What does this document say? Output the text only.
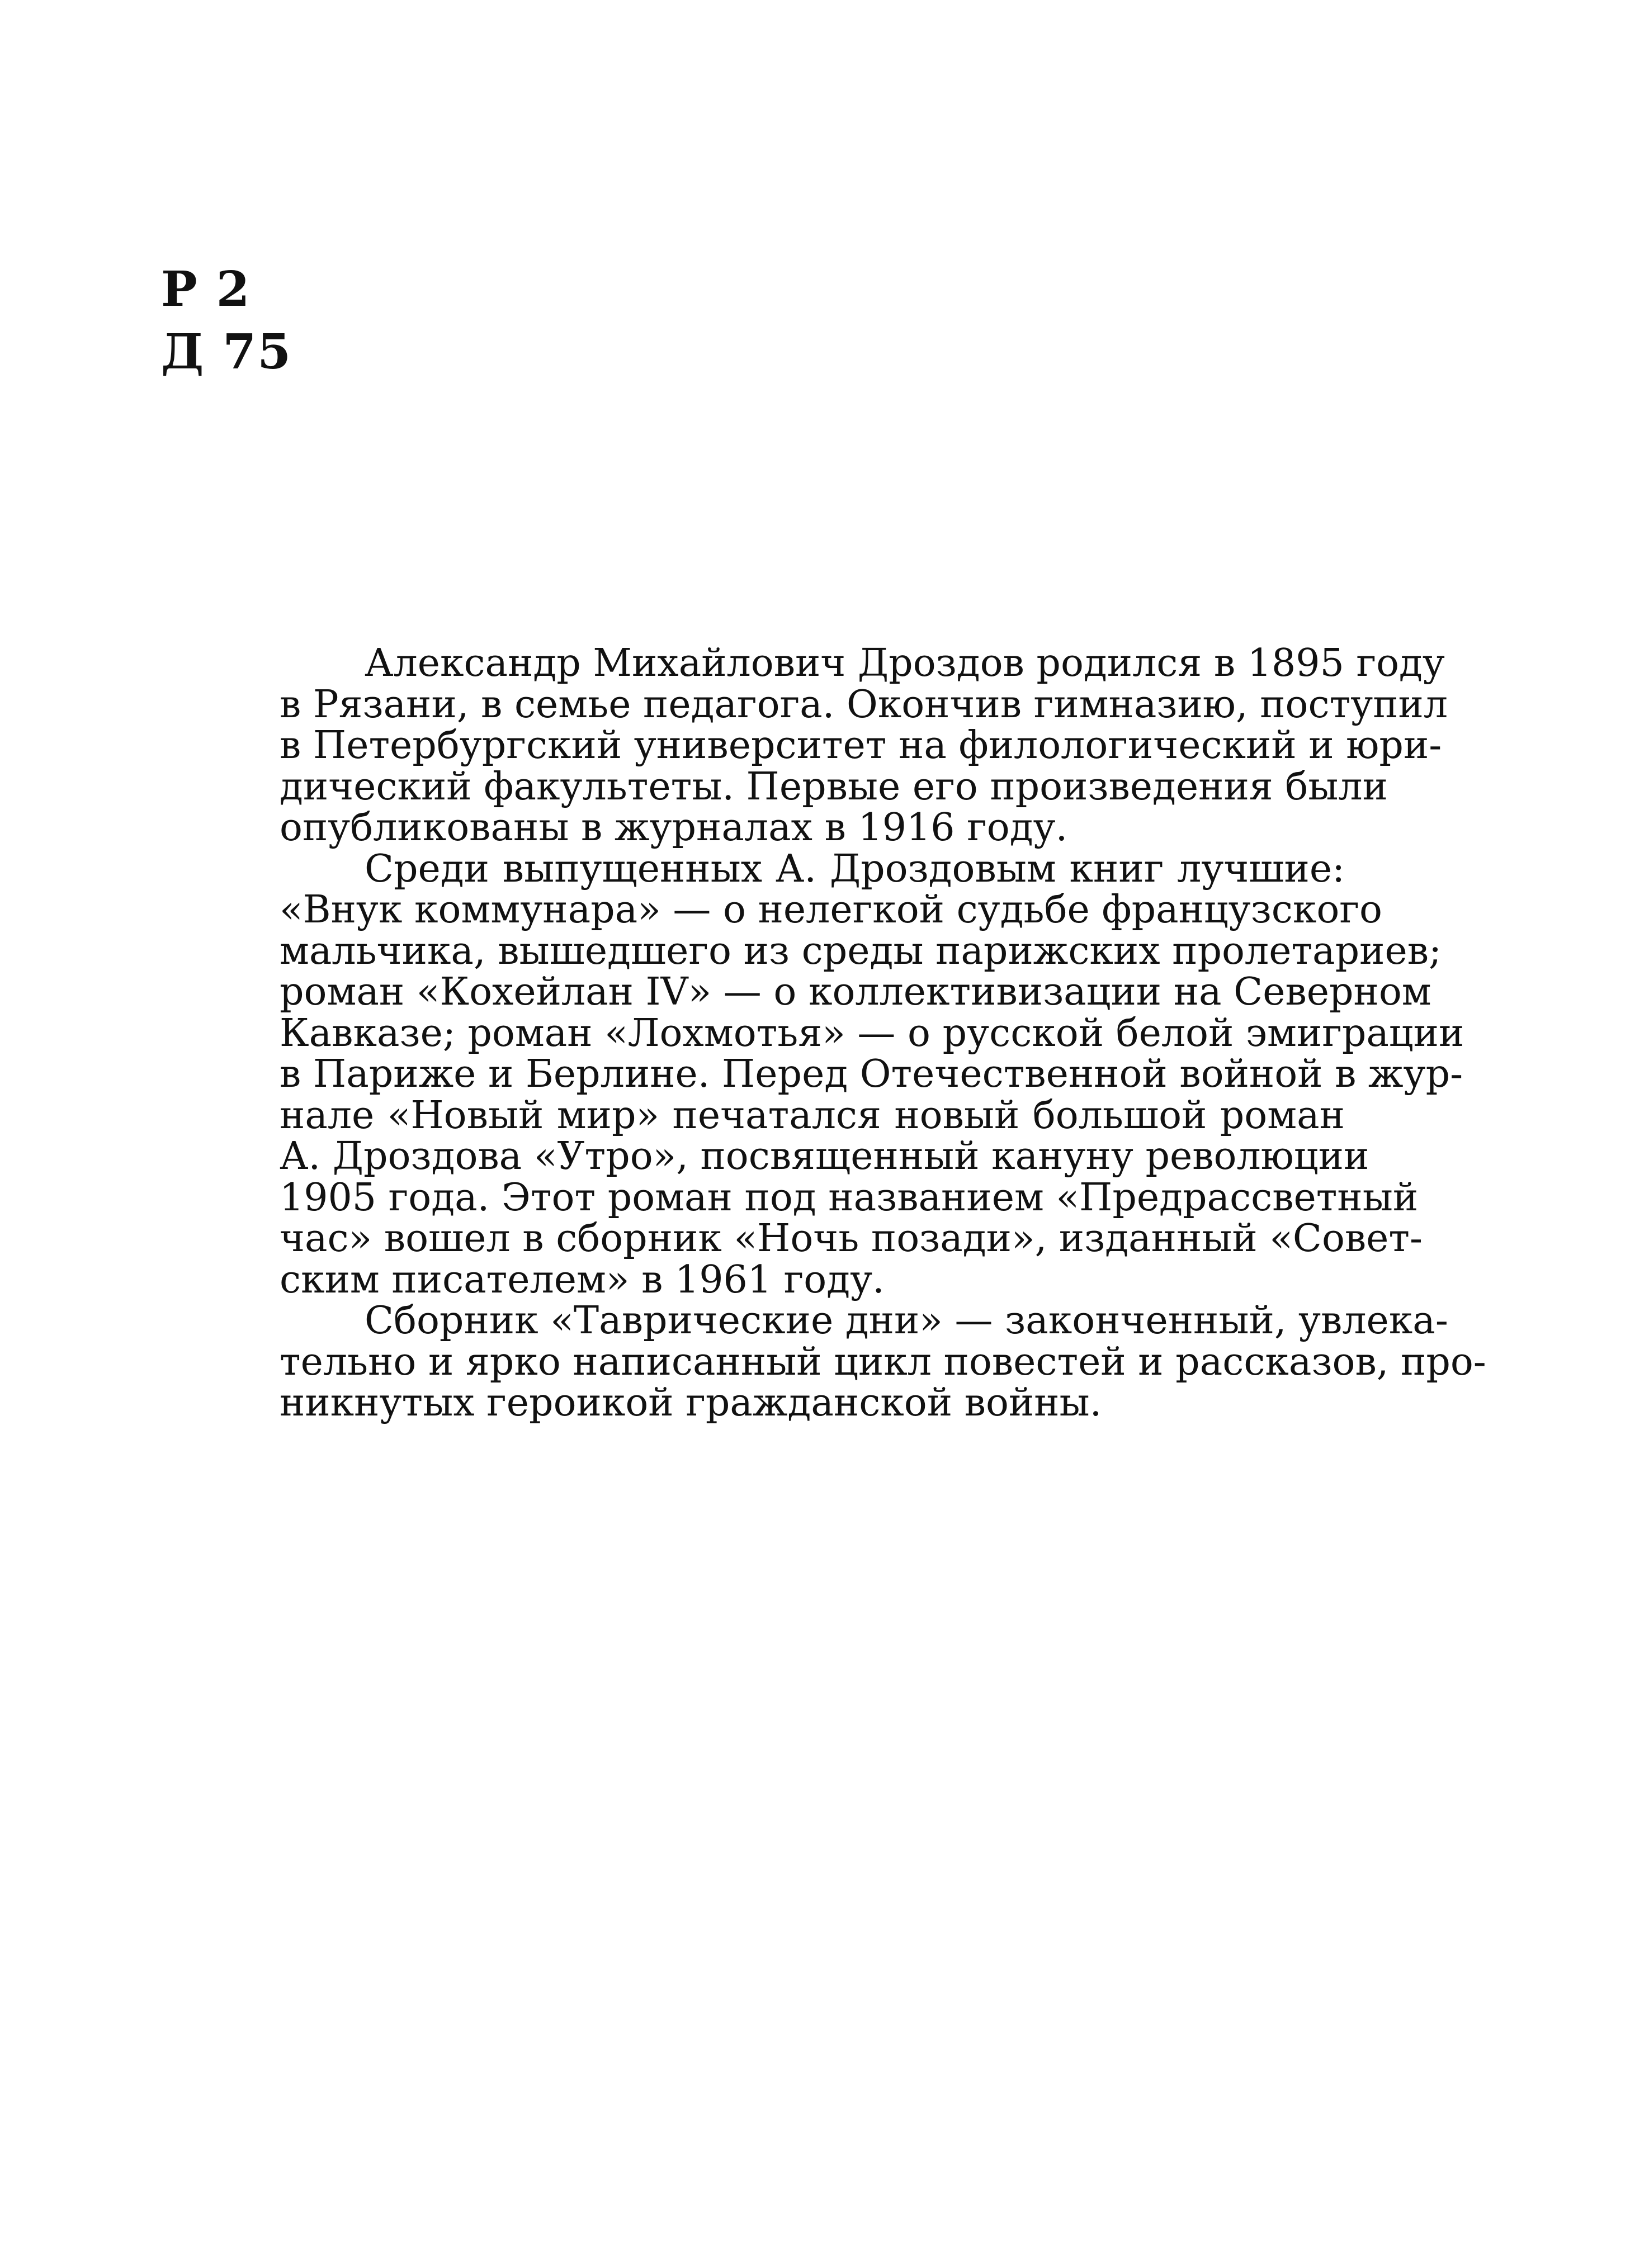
Р 2
Д 75

Александр Михайлович Дроздов родился в 1895 году
в Рязани, в семье педагога. Окончив гимназию, поступил
в Петербургский университет на филологический и юри-
дический факультеты. Первые его произведения были
опубликованы в журналах в 1916 году.

Среди выпущенных А. Дроздовым книг лучшие:
«Внук коммунара» — о нелегкой судьбе французского
мальчика, вышедшего из среды парижских пролетариев;
роман «Кохейлан IV» — о коллективизации на Северном
Кавказе; роман «Лохмотья» — о русской белой эмиграции
в Париже и Берлине. Перед Отечественной войной в жур-
нале «Новый мир» печатался новый большой роман
А. Дроздова «Утро», посвященный кануну революции
1905 года. Этот роман под названием «Предрассветный
час» вошел в сборник «Ночь позади», изданный «Совет-
ским писателем» в 1961 году.

Сборник «Таврические дни» — законченный, увлека-
тельно и ярко написанный цикл повестей и рассказов, про-
никнутых героикой гражданской войны.
